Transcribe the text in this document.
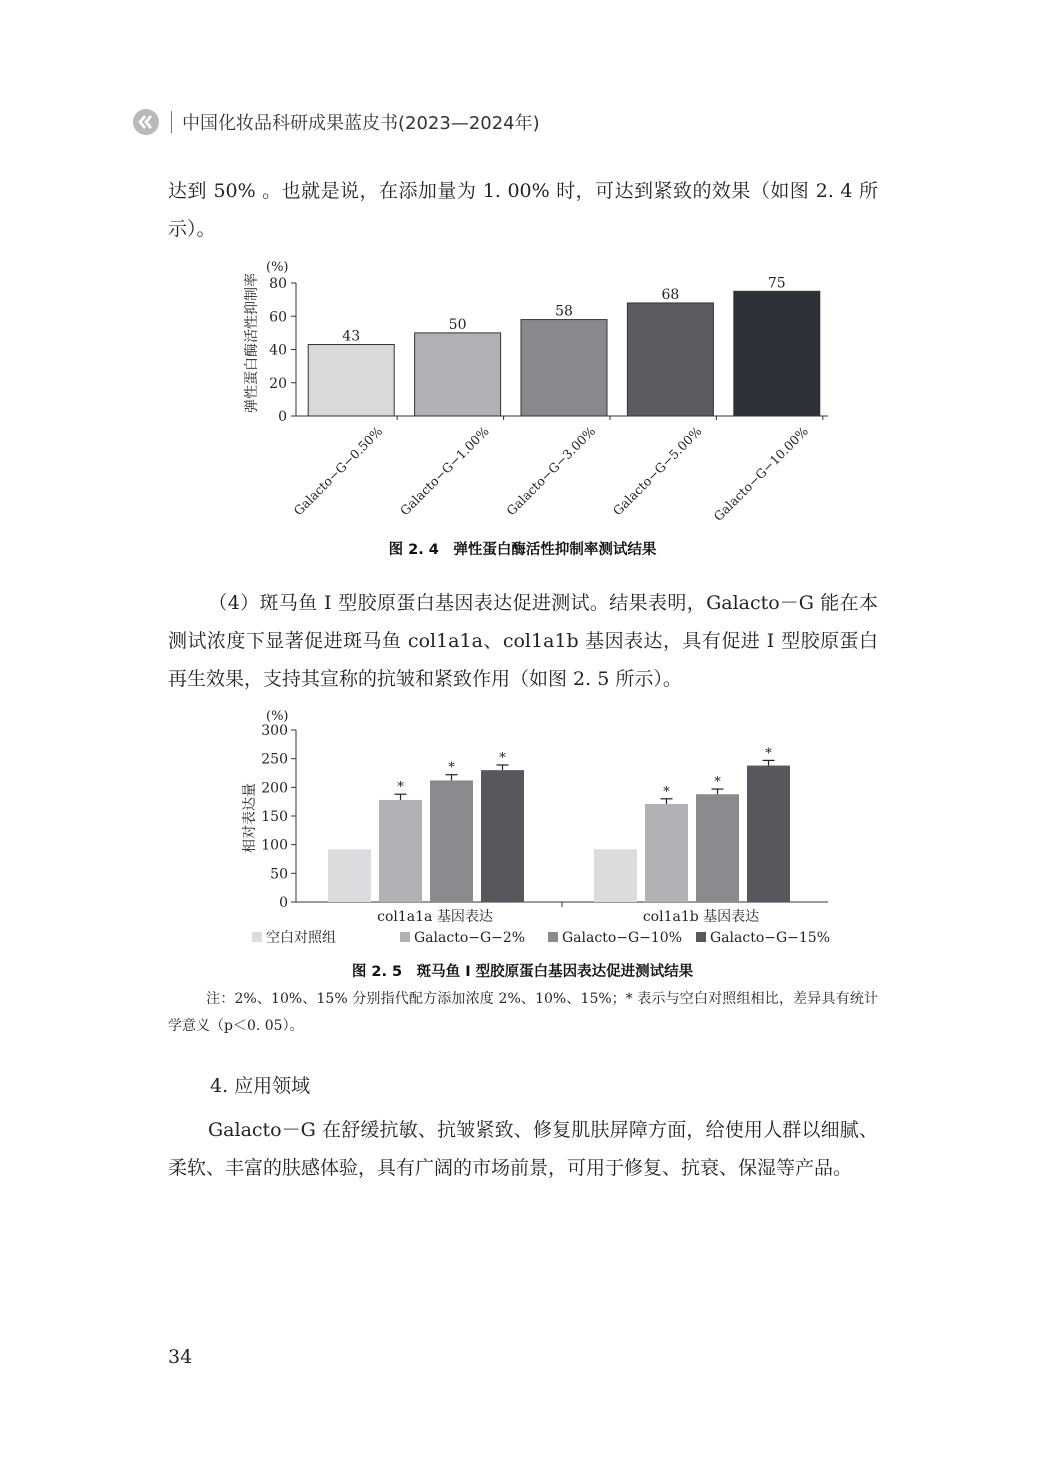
中国化妆品科研成果蓝皮书(2023—2024年)

达到 50% 。也就是说，在添加量为 1. 00% 时，可达到紧致的效果（如图 2. 4 所示）。

0
20
40
60
80
(%)
弹性蛋白酶活性抑制率	43
Galacto−G−0.50%
50
Galacto−G−1.00%
58
Galacto−G−3.00%
68
Galacto−G−5.00%
75
Galacto−G−10.00%
图 2. 4　弹性蛋白酶活性抑制率测试结果

（4）斑马鱼 Ⅰ 型胶原蛋白基因表达促进测试。结果表明，Galacto－G 能在本测试浓度下显著促进斑马鱼 col1a1a、col1a1b 基因表达，具有促进 Ⅰ 型胶原蛋白再生效果，支持其宣称的抗皱和紧致作用（如图 2. 5 所示）。

0
50
100
150
200
250
300
(%)
相对表达量	*
*
*
col1a1a 基因表达
*
*
*
col1a1b 基因表达
空白对照组	Galacto−G−2%	Galacto−G−10% Galacto−G−15%
图 2. 5　斑马鱼 Ⅰ 型胶原蛋白基因表达促进测试结果

注：2%、10%、15% 分别指代配方添加浓度 2%、10%、15%；* 表示与空白对照组相比，差异具有统计学意义（p＜0. 05）。

4. 应用领域

Galacto－G 在舒缓抗敏、抗皱紧致、修复肌肤屏障方面，给使用人群以细腻、柔软、丰富的肤感体验，具有广阔的市场前景，可用于修复、抗衰、保湿等产品。

34
